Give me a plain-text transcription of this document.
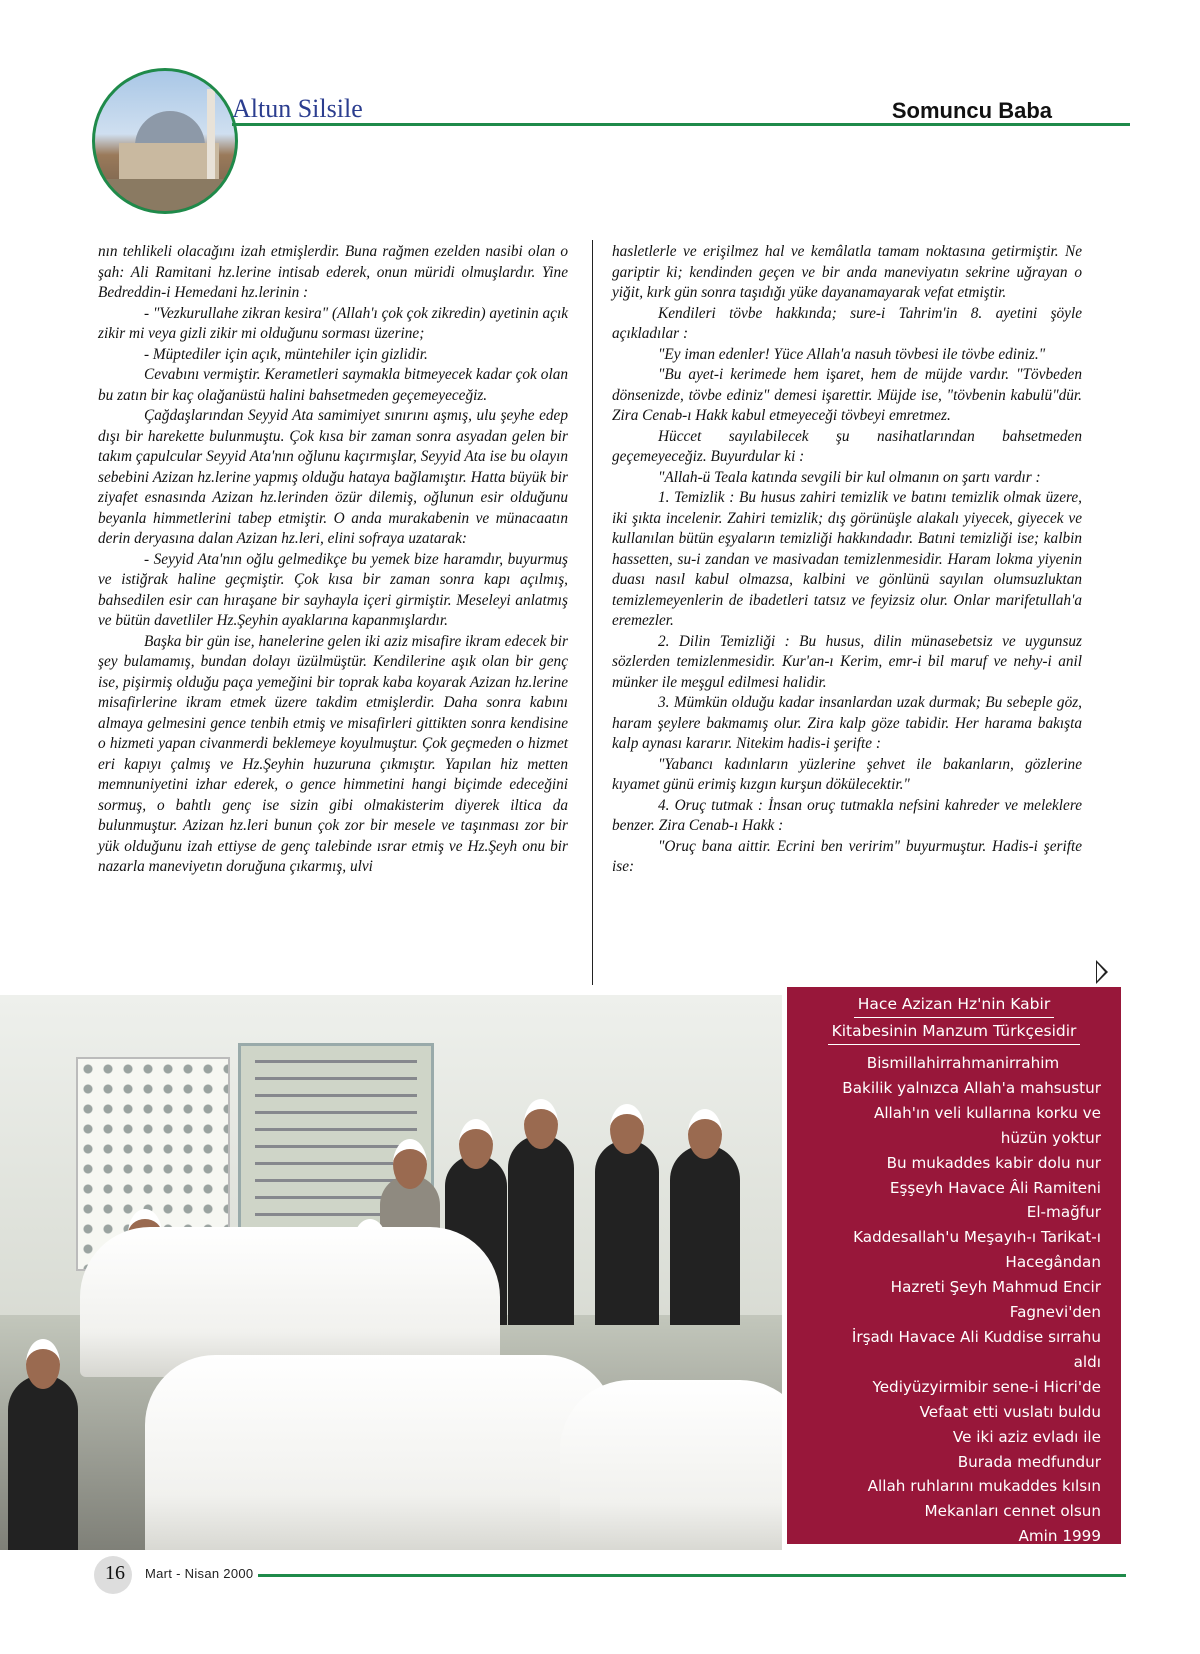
Altun Silsile	Somuncu Baba

nın tehlikeli olacağını izah etmişlerdir. Buna rağmen ezelden nasibi olan o şah: Ali Ramitani hz.lerine intisab ederek, onun müridi olmuşlardır. Yine Bedreddin-i Hemedani hz.lerinin :

- "Vezkurullahe zikran kesira" (Allah'ı çok çok zikredin) ayetinin açık zikir mi veya gizli zikir mi olduğunu sorması üzerine;

- Müptediler için açık, müntehiler için gizlidir.

Cevabını vermiştir. Kerametleri saymakla bitmeyecek kadar çok olan bu zatın bir kaç olağanüstü halini bahsetmeden geçemeyeceğiz.

Çağdaşlarından Seyyid Ata samimiyet sınırını aşmış, ulu şeyhe edep dışı bir harekette bulunmuştu. Çok kısa bir zaman sonra asyadan gelen bir takım çapulcular Seyyid Ata'nın oğlunu kaçırmışlar, Seyyid Ata ise bu olayın sebebini Azizan hz.lerine yapmış olduğu hataya bağlamıştır. Hatta büyük bir ziyafet esnasında Azizan hz.lerinden özür dilemiş, oğlunun esir olduğunu beyanla himmetlerini tabep etmiştir. O anda murakabenin ve münacaatın derin deryasına dalan Azizan hz.leri, elini sofraya uzatarak:

- Seyyid Ata'nın oğlu gelmedikçe bu yemek bize haramdır, buyurmuş ve istiğrak haline geçmiştir. Çok kısa bir zaman sonra kapı açılmış, bahsedilen esir can hıraşane bir sayhayla içeri girmiştir. Meseleyi anlatmış ve bütün davetliler Hz.Şeyhin ayaklarına kapanmışlardır.

Başka bir gün ise, hanelerine gelen iki aziz misafire ikram edecek bir şey bulamamış, bundan dolayı üzülmüştür. Kendilerine aşık olan bir genç ise, pişirmiş olduğu paça yemeğini bir toprak kaba koyarak Azizan hz.lerine misafirlerine ikram etmek üzere takdim etmişlerdir. Daha sonra kabını almaya gelmesini gence tenbih etmiş ve misafirleri gittikten sonra kendisine o hizmeti yapan civanmerdi beklemeye koyulmuştur. Çok geçmeden o hizmet eri kapıyı çalmış ve Hz.Şeyhin huzuruna çıkmıştır. Yapılan hiz metten memnuniyetini izhar ederek, o gence himmetini hangi biçimde edeceğini sormuş, o bahtlı genç ise sizin gibi olmakisterim diyerek iltica da bulunmuştur. Azizan hz.leri bunun çok zor bir mesele ve taşınması zor bir yük olduğunu izah ettiyse de genç talebinde ısrar etmiş ve Hz.Şeyh onu bir nazarla maneviyetın doruğuna çıkarmış, ulvi

hasletlerle ve erişilmez hal ve kemâlatla tamam noktasına getirmiştir. Ne gariptir ki; kendinden geçen ve bir anda maneviyatın sekrine uğrayan o yiğit, kırk gün sonra taşıdığı yüke dayanamayarak vefat etmiştir.

Kendileri tövbe hakkında; sure-i Tahrim'in 8. ayetini şöyle açıkladılar :

"Ey iman edenler! Yüce Allah'a nasuh tövbesi ile tövbe ediniz."

"Bu ayet-i kerimede hem işaret, hem de müjde vardır. "Tövbeden dönsenizde, tövbe ediniz" demesi işarettir. Müjde ise, "tövbenin kabulü"dür. Zira Cenab-ı Hakk kabul etmeyeceği tövbeyi emretmez.

Hüccet sayılabilecek şu nasihatlarından bahsetmeden geçemeyeceğiz. Buyurdular ki :

"Allah-ü Teala katında sevgili bir kul olmanın on şartı vardır :

1. Temizlik : Bu husus zahiri temizlik ve batını temizlik olmak üzere, iki şıkta incelenir. Zahiri temizlik; dış görünüşle alakalı yiyecek, giyecek ve kullanılan bütün eşyaların temizliği hakkındadır. Batıni temizliği ise; kalbin hassetten, su-i zandan ve masivadan temizlenmesidir. Haram lokma yiyenin duası nasıl kabul olmazsa, kalbini ve gönlünü sayılan olumsuzluktan temizlemeyenlerin de ibadetleri tatsız ve feyizsiz olur. Onlar marifetullah'a eremezler.

2. Dilin Temizliği : Bu husus, dilin münasebetsiz ve uygunsuz sözlerden temizlenmesidir. Kur'an-ı Kerim, emr-i bil maruf ve nehy-i anil münker ile meşgul edilmesi halidir.

3. Mümkün olduğu kadar insanlardan uzak durmak; Bu sebeple göz, haram şeylere bakmamış olur. Zira kalp göze tabidir. Her harama bakışta kalp aynası kararır. Nitekim hadis-i şerifte :

"Yabancı kadınların yüzlerine şehvet ile bakanların, gözlerine kıyamet günü erimiş kızgın kurşun dökülecektir."

4. Oruç tutmak : İnsan oruç tutmakla nefsini kahreder ve meleklere benzer. Zira Cenab-ı Hakk :

"Oruç bana aittir. Ecrini ben veririm" buyurmuştur. Hadis-i şerifte ise:

Hace Azizan Hz'nin Kabir
Kitabesinin Manzum Türkçesidir
Bismillahirrahmanirrahim
Bakilik yalnızca Allah'a mahsustur
Allah'ın veli kullarına korku ve
hüzün yoktur
Bu mukaddes kabir dolu nur
Eşşeyh Havace Âli Ramiteni
El-mağfur
Kaddesallah'u Meşayıh-ı Tarikat-ı
Hacegândan
Hazreti Şeyh Mahmud Encir
Fagnevi'den
İrşadı Havace Ali Kuddise sırrahu
aldı
Yediyüzyirmibir sene-i Hicri'de
Vefaat etti vuslatı buldu
Ve iki aziz evladı ile
Burada medfundur
Allah ruhlarını mukaddes kılsın
Mekanları cennet olsun
Amin 1999
16	Mart - Nisan 2000
